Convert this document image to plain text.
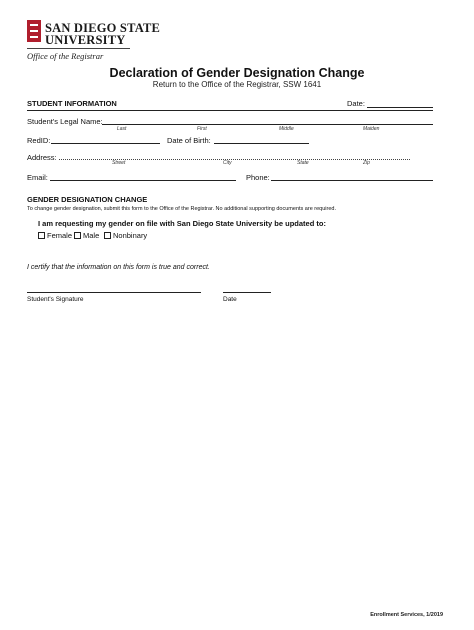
SAN DIEGO STATE
UNIVERSITY
Office of the Registrar
Declaration of Gender Designation Change
Return to the Office of the Registrar, SSW 1641
STUDENT INFORMATION	Date:
Student's Legal Name:
Last	First	Middle	Maiden
RedID:	Date of Birth:
Address:
Street	City	State	Zip
Email:	Phone:
GENDER DESIGNATION CHANGE
To change gender designation, submit this form to the Office of the Registrar. No additional supporting documents are required.
I am requesting my gender on file with San Diego State University be updated to:
Female	Male	Nonbinary
I certify that the information on this form is true and correct.
Student's Signature	Date
Enrollment Services, 1/2019
